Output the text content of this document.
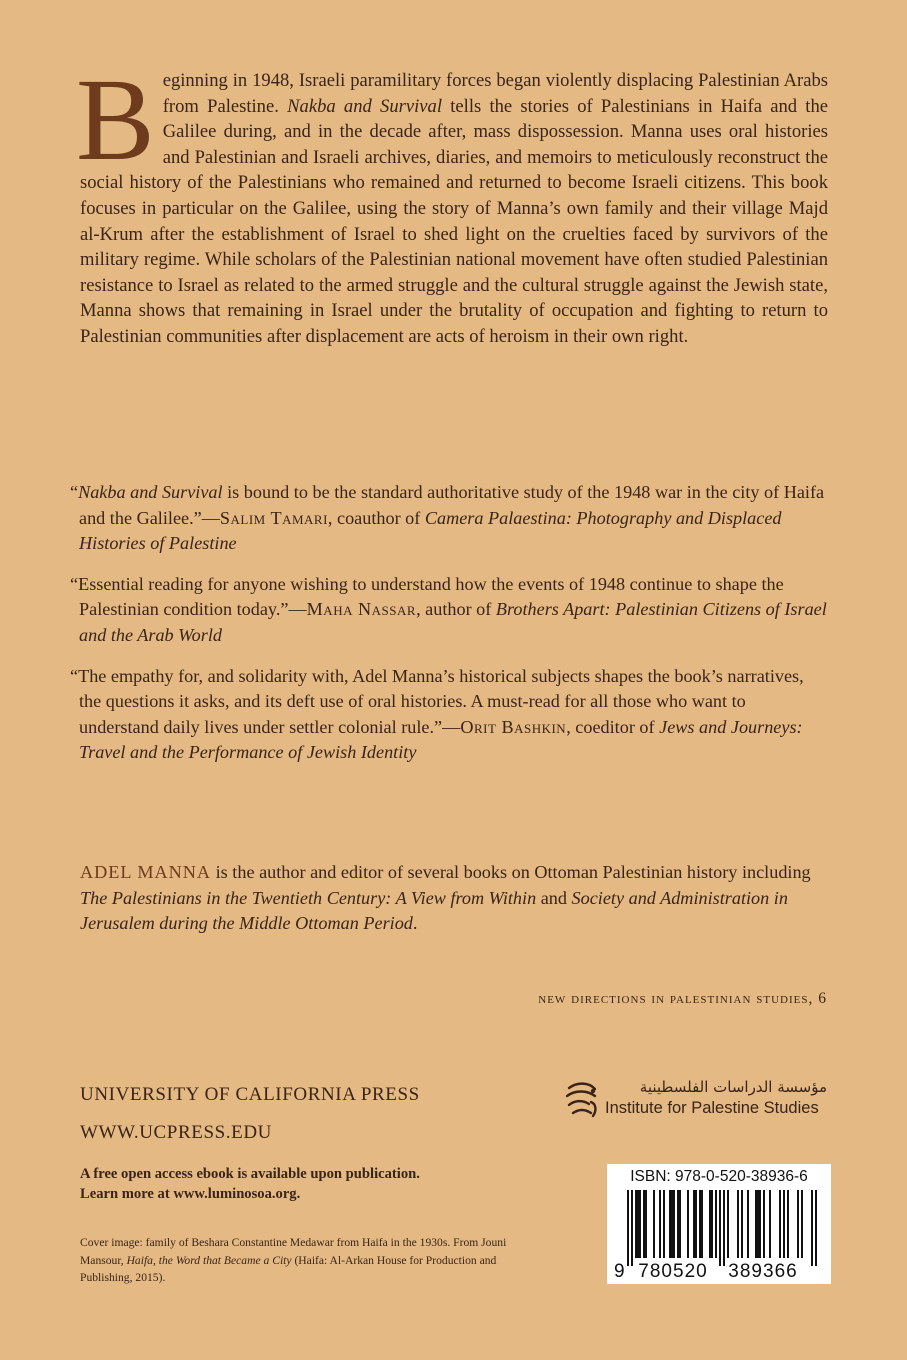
Beginning in 1948, Israeli paramilitary forces began violently displacing Palestinian Arabs from Palestine. Nakba and Survival tells the stories of Palestinians in Haifa and the Galilee during, and in the decade after, mass dispossession. Manna uses oral histories and Palestinian and Israeli archives, diaries, and memoirs to meticulously reconstruct the social history of the Palestinians who remained and returned to become Israeli citizens. This book focuses in particular on the Galilee, using the story of Manna’s own family and their village Majd al-Krum after the establishment of Israel to shed light on the cruelties faced by survivors of the military regime. While scholars of the Palestinian national movement have often studied Palestinian resistance to Israel as related to the armed struggle and the cultural struggle against the Jewish state, Manna shows that remaining in Israel under the brutality of occupation and fighting to return to Palestinian communities after displacement are acts of heroism in their own right.

“Nakba and Survival is bound to be the standard authoritative study of the 1948 war in the city of Haifa and the Galilee.”—Salim Tamari, coauthor of Camera Palaestina: Photography and Displaced Histories of Palestine

“Essential reading for anyone wishing to understand how the events of 1948 continue to shape the Palestinian condition today.”—Maha Nassar, author of Brothers Apart: Palestinian Citizens of Israel and the Arab World

“The empathy for, and solidarity with, Adel Manna’s historical subjects shapes the book’s narratives, the questions it asks, and its deft use of oral histories. A must-read for all those who want to understand daily lives under settler colonial rule.”—Orit Bashkin, coeditor of Jews and Journeys: Travel and the Performance of Jewish Identity

ADEL MANNA is the author and editor of several books on Ottoman Palestinian history including The Palestinians in the Twentieth Century: A View from Within and Society and Administration in Jerusalem during the Middle Ottoman Period.

new directions in palestinian studies, 6
UNIVERSITY OF CALIFORNIA PRESS
WWW.UCPRESS.EDU
مؤسسة الدراسات الفلسطينية
Institute for Palestine Studies
A free open access ebook is available upon publication.
Learn more at www.luminosoa.org.
Cover image: family of Beshara Constantine Medawar from Haifa in the 1930s. From Jouni Mansour, Haifa, the Word that Became a City (Haifa: Al-Arkan House for Production and Publishing, 2015).	9 780520 389366
ISBN: 978-0-520-38936-6
